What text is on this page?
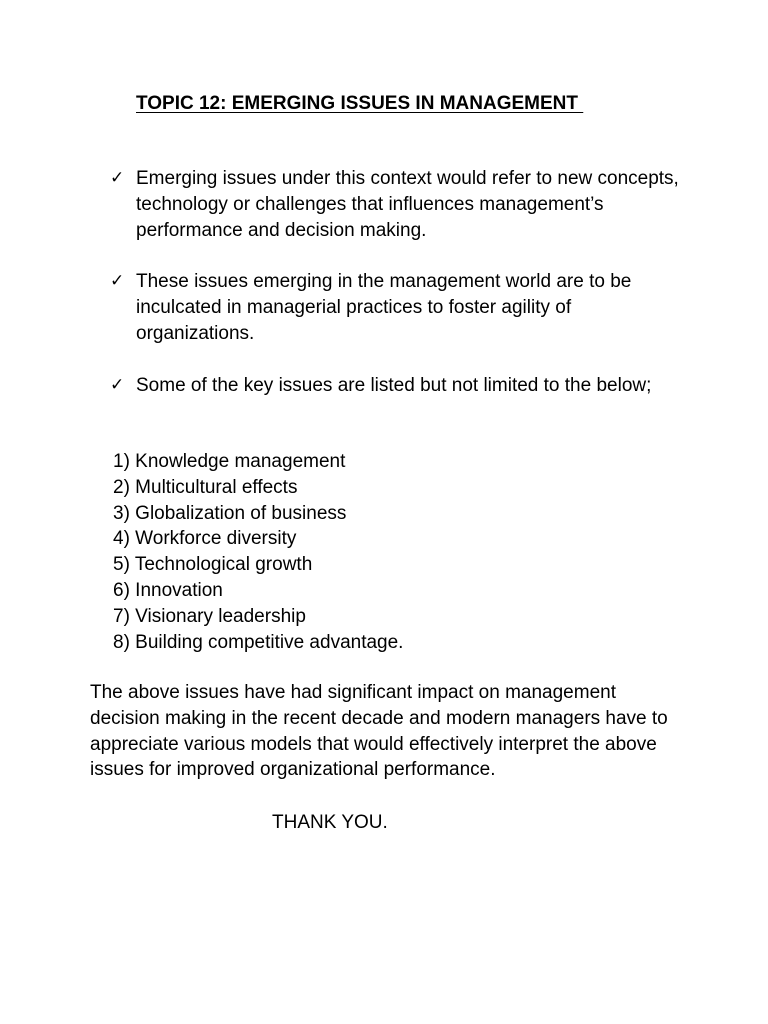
TOPIC 12: EMERGING ISSUES IN MANAGEMENT
✓ Emerging issues under this context would refer to new concepts, technology or challenges that influences management’s performance and decision making.
✓ These issues emerging in the management world are to be inculcated in managerial practices to foster agility of organizations.
✓ Some of the key issues are listed but not limited to the below;
1) Knowledge management
2) Multicultural effects
3) Globalization of business
4) Workforce diversity
5) Technological growth
6) Innovation
7) Visionary leadership
8) Building competitive advantage.
The above issues have had significant impact on management decision making in the recent decade and modern managers have to appreciate various models that would effectively interpret the above issues for improved organizational performance.
THANK YOU.
